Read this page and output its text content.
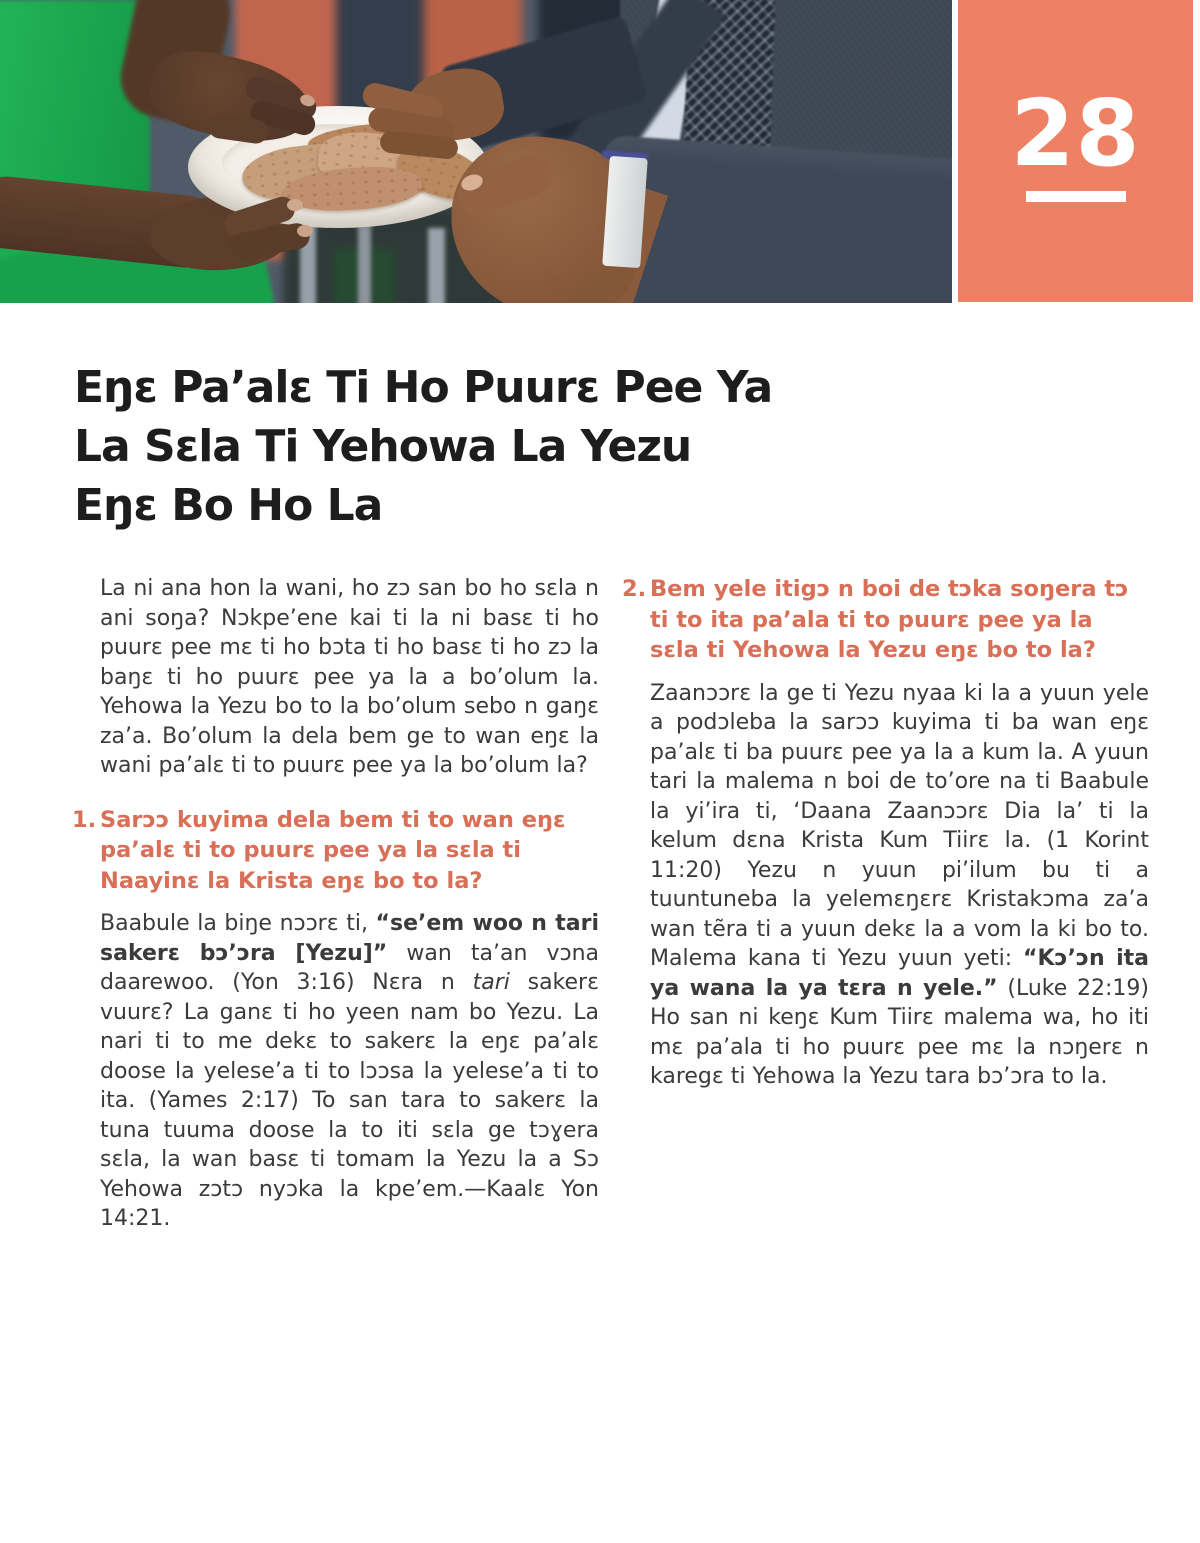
28
Eŋɛ Pa’alɛ Ti Ho Puurɛ Pee Ya
La Sɛla Ti Yehowa La Yezu
Eŋɛ Bo Ho La

La ni ana hon la wani, ho zɔ san bo ho sɛla n ani soŋa? Nɔkpe’ene kai ti la ni basɛ ti ho puurɛ pee mɛ ti ho bɔta ti ho basɛ ti ho zɔ la baŋɛ ti ho puurɛ pee ya la a bo’olum la. Yehowa la Yezu bo to la bo’olum sebo n gaŋɛ za’a. Bo’olum la dela bem ge to wan eŋɛ la wani pa’alɛ ti to puurɛ pee ya la bo’olum la?

1. Sarɔɔ kuyima dela bem ti to wan eŋɛ pa’alɛ ti to puurɛ pee ya la sɛla ti Naayinɛ la Krista eŋɛ bo to la?

Baabule la biŋe nɔɔrɛ ti, “se’em woo n tari sakerɛ bɔ’ɔra [Yezu]” wan ta’an vɔna daarewoo. (Yon 3:16) Nɛra n tari sakerɛ vuurɛ? La ganɛ ti ho yeen nam bo Yezu. La nari ti to me dekɛ to sakerɛ la eŋɛ pa’alɛ doose la yelese’a ti to lɔɔsa la yelese’a ti to ita. (Yames 2:17) To san tara to sakerɛ la tuna tuuma doose la to iti sɛla ge tɔɣera sɛla, la wan basɛ ti tomam la Yezu la a Sɔ Yehowa zɔtɔ nyɔka la kpe’em.—Kaalɛ Yon 14:21.

2. Bem yele itigɔ n boi de tɔka soŋera tɔ ti to ita pa’ala ti to puurɛ pee ya la sɛla ti Yehowa la Yezu eŋɛ bo to la?

Zaanɔɔrɛ la ge ti Yezu nyaa ki la a yuun yele a podɔleba la sarɔɔ kuyima ti ba wan eŋɛ pa’alɛ ti ba puurɛ pee ya la a kum la. A yuun tari la malema n boi de to’ore na ti Baabule la yi’ira ti, ‘Daana Zaanɔɔrɛ Dia la’ ti la kelum dɛna Krista Kum Tiirɛ la. (1 Korint 11:20) Yezu n yuun pi’ilum bu ti a tuuntuneba la yelemɛŋɛrɛ Kristakɔma za’a wan tẽra ti a yuun dekɛ la a vom la ki bo to. Malema kana ti Yezu yuun yeti: “Kɔ’ɔn ita ya wana la ya tɛra n yele.” (Luke 22:19) Ho san ni keŋɛ Kum Tiirɛ malema wa, ho iti mɛ pa’ala ti ho puurɛ pee mɛ la nɔŋerɛ n karegɛ ti Yehowa la Yezu tara bɔ’ɔra to la.
